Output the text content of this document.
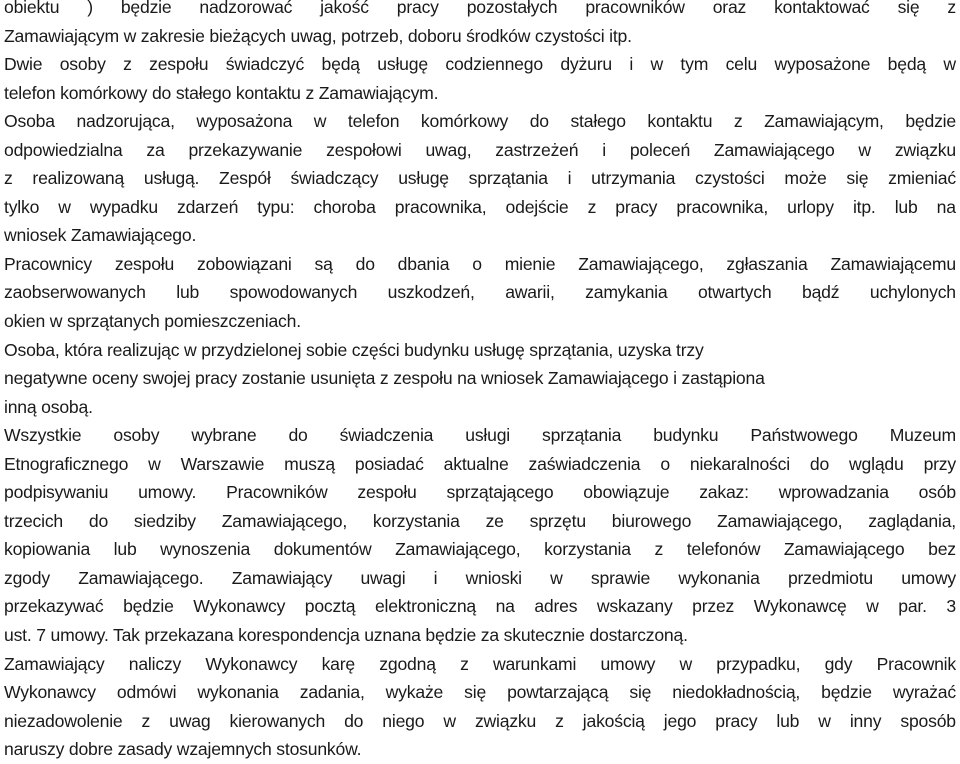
obiektu ) będzie nadzorować jakość pracy pozostałych pracowników oraz kontaktować się z
Zamawiającym w zakresie bieżących uwag, potrzeb, doboru środków czystości itp.
Dwie osoby z zespołu świadczyć będą usługę codziennego dyżuru i w tym celu wyposażone będą w
telefon komórkowy do stałego kontaktu z Zamawiającym.
Osoba nadzorująca, wyposażona w telefon komórkowy do stałego kontaktu z Zamawiającym, będzie
odpowiedzialna za przekazywanie zespołowi uwag, zastrzeżeń i poleceń Zamawiającego w związku
z realizowaną usługą. Zespół świadczący usługę sprzątania i utrzymania czystości może się zmieniać
tylko w wypadku zdarzeń typu: choroba pracownika, odejście z pracy pracownika, urlopy itp. lub na
wniosek Zamawiającego.
Pracownicy zespołu zobowiązani są do dbania o mienie Zamawiającego, zgłaszania Zamawiającemu
zaobserwowanych lub spowodowanych uszkodzeń, awarii, zamykania otwartych bądź uchylonych
okien w sprzątanych pomieszczeniach.
Osoba, która realizując w przydzielonej sobie części budynku usługę sprzątania, uzyska trzy
negatywne oceny swojej pracy zostanie usunięta z zespołu na wniosek Zamawiającego i zastąpiona
inną osobą.
Wszystkie osoby wybrane do świadczenia usługi sprzątania budynku Państwowego Muzeum
Etnograficznego w Warszawie muszą posiadać aktualne zaświadczenia o niekaralności do wglądu przy
podpisywaniu umowy. Pracowników zespołu sprzątającego obowiązuje zakaz: wprowadzania osób
trzecich do siedziby Zamawiającego, korzystania ze sprzętu biurowego Zamawiającego, zaglądania,
kopiowania lub wynoszenia dokumentów Zamawiającego, korzystania z telefonów Zamawiającego bez
zgody Zamawiającego. Zamawiający uwagi i wnioski w sprawie wykonania przedmiotu umowy
przekazywać będzie Wykonawcy pocztą elektroniczną na adres wskazany przez Wykonawcę w par. 3
ust. 7 umowy. Tak przekazana korespondencja uznana będzie za skutecznie dostarczoną.
Zamawiający naliczy Wykonawcy karę zgodną z warunkami umowy w przypadku, gdy Pracownik
Wykonawcy odmówi wykonania zadania, wykaże się powtarzającą się niedokładnością, będzie wyrażać
niezadowolenie z uwag kierowanych do niego w związku z jakością jego pracy lub w inny sposób
naruszy dobre zasady wzajemnych stosunków.
